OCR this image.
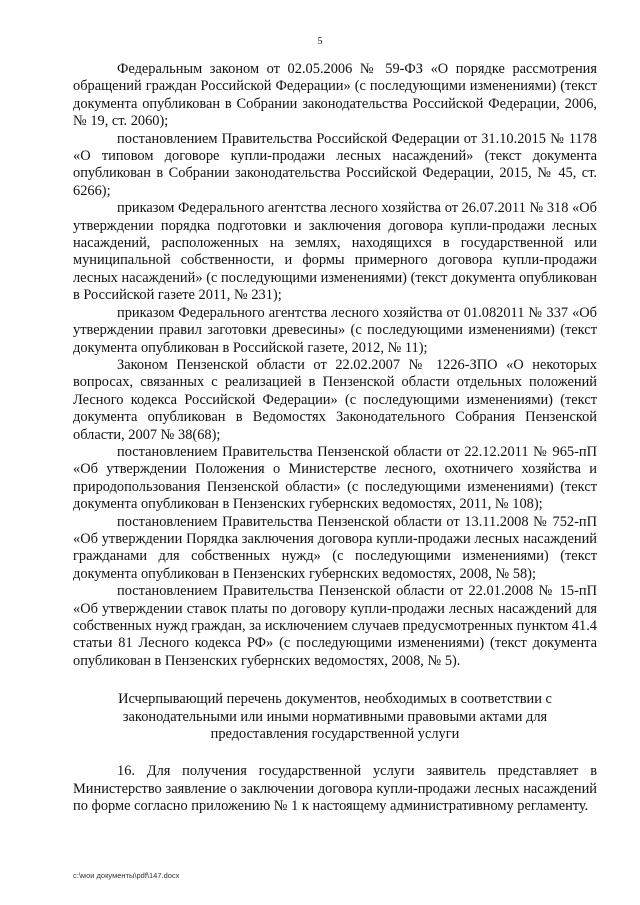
5

Федеральным законом от 02.05.2006 № 59-ФЗ «О порядке рассмотрения обращений граждан Российской Федерации» (с последующими изменениями) (текст документа опубликован в Собрании законодательства Российской Федерации, 2006, № 19, ст. 2060);

постановлением Правительства Российской Федерации от 31.10.2015 № 1178 «О типовом договоре купли-продажи лесных насаждений» (текст документа опубликован в Собрании законодательства Российской Федерации, 2015, № 45, ст. 6266);

приказом Федерального агентства лесного хозяйства от 26.07.2011 № 318 «Об утверждении порядка подготовки и заключения договора купли-продажи лесных насаждений, расположенных на землях, находящихся в государственной или муниципальной собственности, и формы примерного договора купли-продажи лесных насаждений» (с последующими изменениями) (текст документа опубликован в Российской газете 2011, № 231);

приказом Федерального агентства лесного хозяйства от 01.082011 № 337 «Об утверждении правил заготовки древесины» (с последующими изменениями) (текст документа опубликован в Российской газете, 2012, № 11);

Законом Пензенской области от 22.02.2007 № 1226-ЗПО «О некоторых вопросах, связанных с реализацией в Пензенской области отдельных положений Лесного кодекса Российской Федерации» (с последующими изменениями) (текст документа опубликован в Ведомостях Законодательного Собрания Пензенской области, 2007 № 38(68);

постановлением Правительства Пензенской области от 22.12.2011 № 965-пП «Об утверждении Положения о Министерстве лесного, охотничего хозяйства и природопользования Пензенской области» (с последующими изменениями) (текст документа опубликован в Пензенских губернских ведомостях, 2011, № 108);

постановлением Правительства Пензенской области от 13.11.2008 № 752-пП «Об утверждении Порядка заключения договора купли-продажи лесных насаждений гражданами для собственных нужд» (с последующими изменениями) (текст документа опубликован в Пензенских губернских ведомостях, 2008, № 58);

постановлением Правительства Пензенской области от 22.01.2008 № 15-пП «Об утверждении ставок платы по договору купли-продажи лесных насаждений для собственных нужд граждан, за исключением случаев предусмотренных пунктом 41.4 статьи 81 Лесного кодекса РФ» (с последующими изменениями) (текст документа опубликован в Пензенских губернских ведомостях, 2008, № 5).

Исчерпывающий перечень документов, необходимых в соответствии с законодательными или иными нормативными правовыми актами для предоставления государственной услуги

16. Для получения государственной услуги заявитель представляет в Министерство заявление о заключении договора купли-продажи лесных насаждений по форме согласно приложению № 1 к настоящему административному регламенту.

c:\мои документы\pdf\147.docx
